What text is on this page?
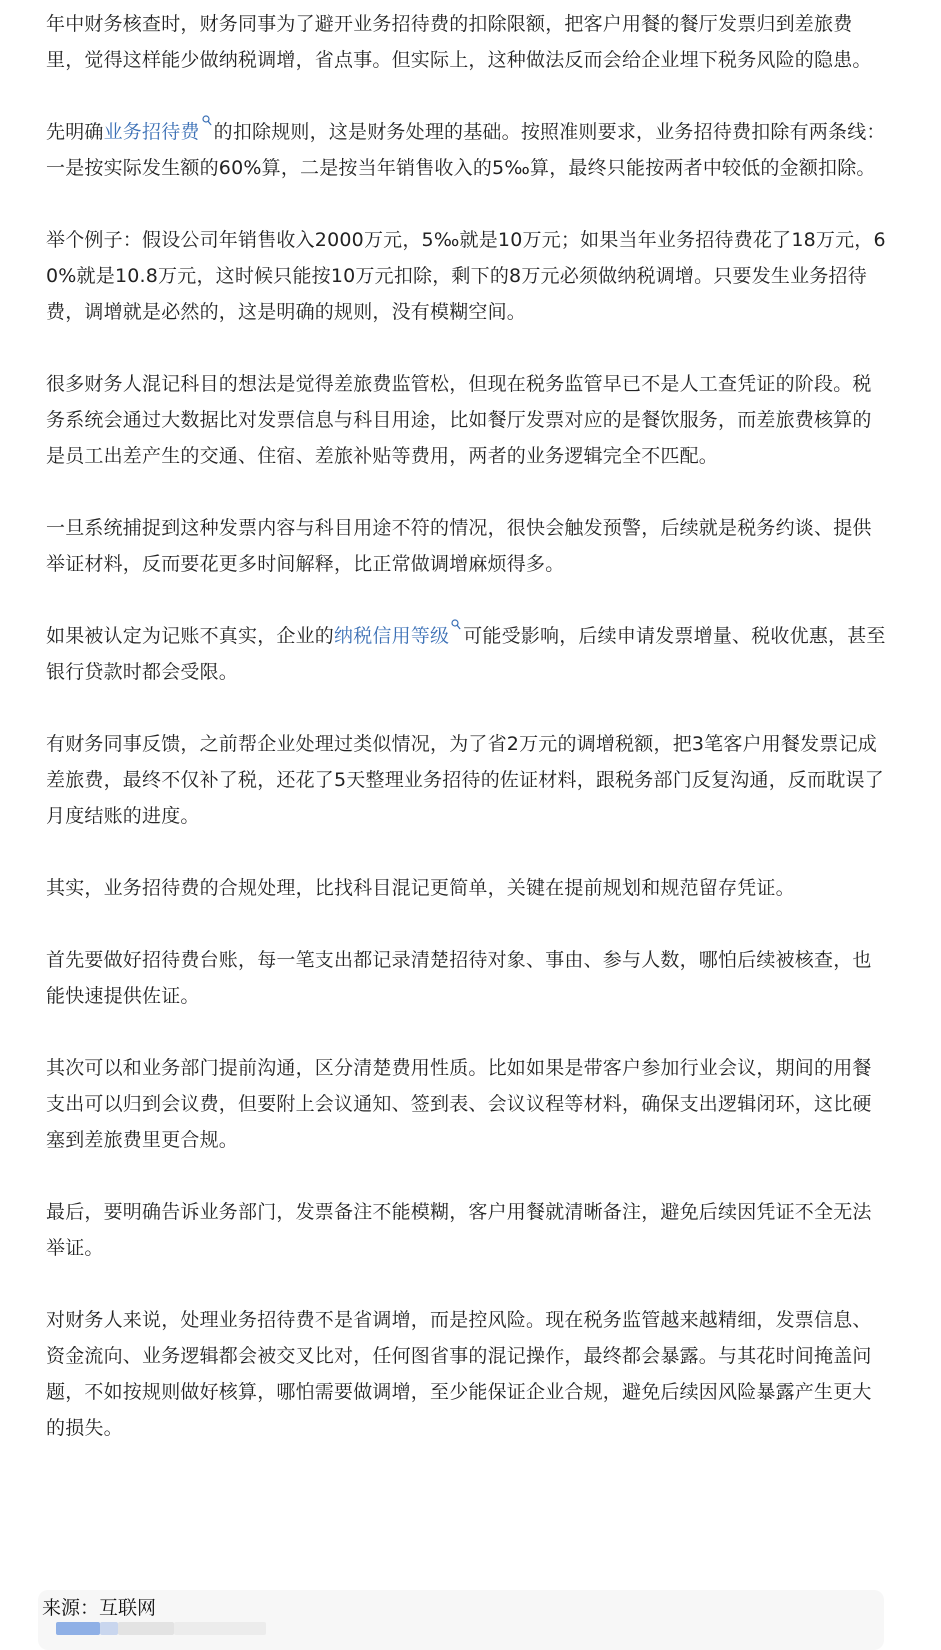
年中财务核查时，财务同事为了避开业务招待费的扣除限额，把客户用餐的餐厅发票归到差旅费里，觉得这样能少做纳税调增，省点事。但实际上，这种做法反而会给企业埋下税务风险的隐患。

先明确业务招待费 的扣除规则，这是财务处理的基础。按照准则要求，业务招待费扣除有两条线：一是按实际发生额的60%算，二是按当年销售收入的5‰算，最终只能按两者中较低的金额扣除。

举个例子：假设公司年销售收入2000万元，5‰就是10万元；如果当年业务招待费花了18万元，60%就是10.8万元，这时候只能按10万元扣除，剩下的8万元必须做纳税调增。只要发生业务招待费，调增就是必然的，这是明确的规则，没有模糊空间。

很多财务人混记科目的想法是觉得差旅费监管松，但现在税务监管早已不是人工查凭证的阶段。税务系统会通过大数据比对发票信息与科目用途，比如餐厅发票对应的是餐饮服务，而差旅费核算的是员工出差产生的交通、住宿、差旅补贴等费用，两者的业务逻辑完全不匹配。

一旦系统捕捉到这种发票内容与科目用途不符的情况，很快会触发预警，后续就是税务约谈、提供举证材料，反而要花更多时间解释，比正常做调增麻烦得多。

如果被认定为记账不真实，企业的纳税信用等级 可能受影响，后续申请发票增量、税收优惠，甚至银行贷款时都会受限。

有财务同事反馈，之前帮企业处理过类似情况，为了省2万元的调增税额，把3笔客户用餐发票记成差旅费，最终不仅补了税，还花了5天整理业务招待的佐证材料，跟税务部门反复沟通，反而耽误了月度结账的进度。

其实，业务招待费的合规处理，比找科目混记更简单，关键在提前规划和规范留存凭证。

首先要做好招待费台账，每一笔支出都记录清楚招待对象、事由、参与人数，哪怕后续被核查，也能快速提供佐证。

其次可以和业务部门提前沟通，区分清楚费用性质。比如如果是带客户参加行业会议，期间的用餐支出可以归到会议费，但要附上会议通知、签到表、会议议程等材料，确保支出逻辑闭环，这比硬塞到差旅费里更合规。

最后，要明确告诉业务部门，发票备注不能模糊，客户用餐就清晰备注，避免后续因凭证不全无法举证。

对财务人来说，处理业务招待费不是省调增，而是控风险。现在税务监管越来越精细，发票信息、资金流向、业务逻辑都会被交叉比对，任何图省事的混记操作，最终都会暴露。与其花时间掩盖问题，不如按规则做好核算，哪怕需要做调增，至少能保证企业合规，避免后续因风险暴露产生更大的损失。

来源：互联网
